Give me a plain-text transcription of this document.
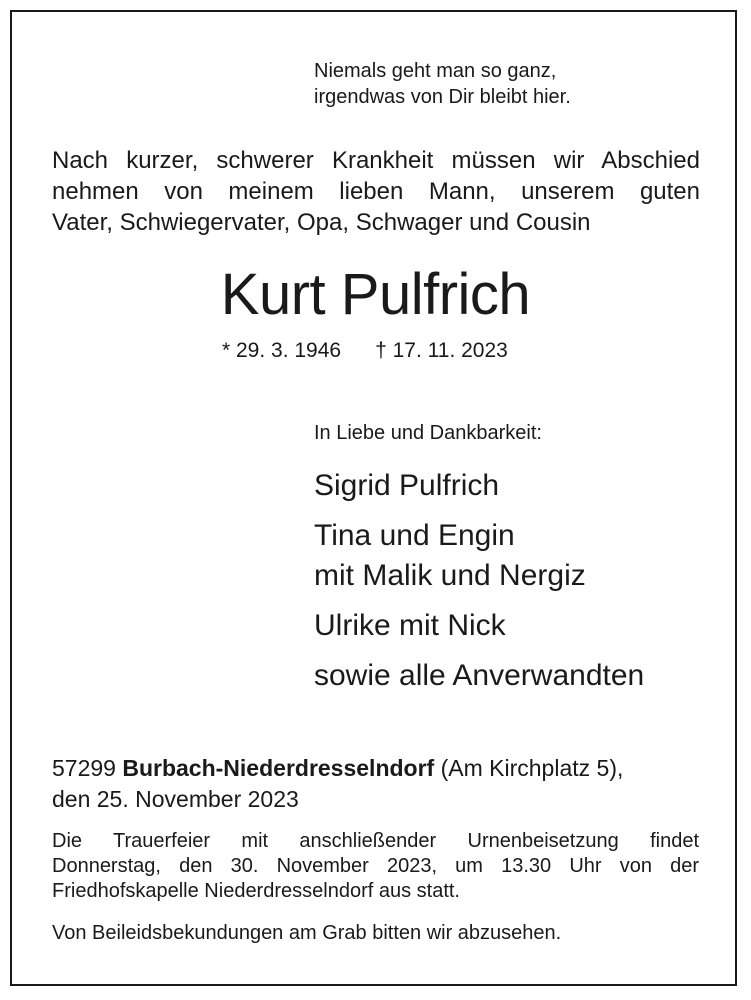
Niemals geht man so ganz,
irgendwas von Dir bleibt hier.
Nach kurzer, schwerer Krankheit müssen wir Abschied
nehmen von meinem lieben Mann, unserem guten
Vater, Schwiegervater, Opa, Schwager und Cousin
Kurt Pulfrich
* 29. 3. 1946 † 17. 11. 2023
In Liebe und Dankbarkeit:
Sigrid Pulfrich
Tina und Engin
mit Malik und Nergiz
Ulrike mit Nick
sowie alle Anverwandten
57299 Burbach-Niederdresselndorf (Am Kirchplatz 5),
den 25. November 2023
Die Trauerfeier mit anschließender Urnenbeisetzung findet
Donnerstag, den 30. November 2023, um 13.30 Uhr von der
Friedhofskapelle Niederdresselndorf aus statt.
Von Beileidsbekundungen am Grab bitten wir abzusehen.
